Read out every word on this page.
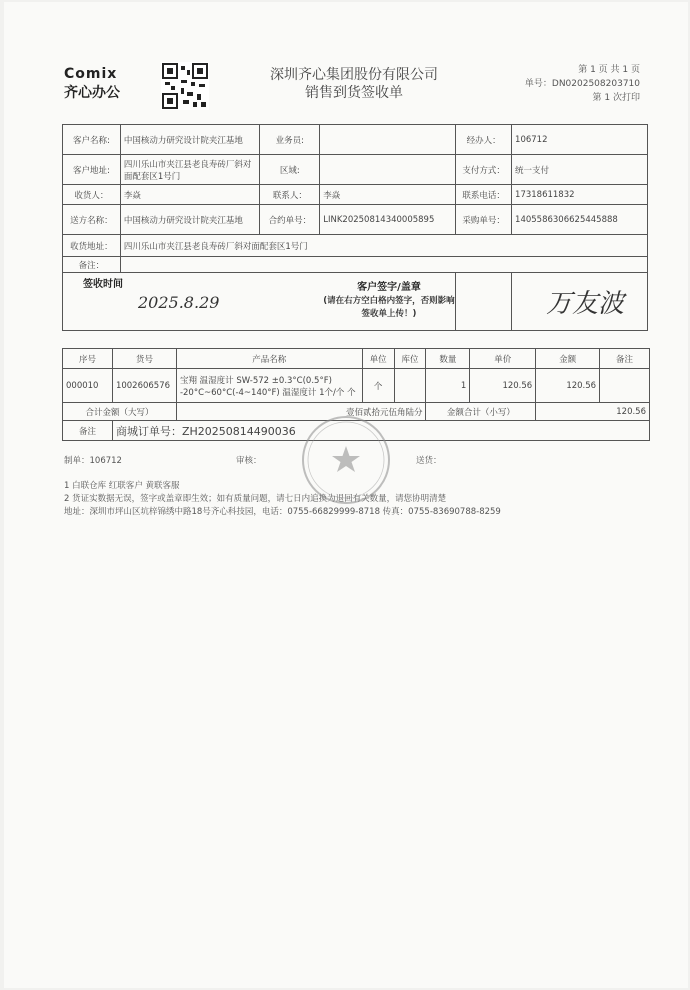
Comix
齐心办公
深圳齐心集团股份有限公司
销售到货签收单
第 1 页 共 1 页
单号：DN0202508203710
第 1 次打印
客户名称:	中国核动力研究设计院夹江基地	业务员:		经办人：	106712
客户地址:	四川乐山市夹江县老良寿砖厂斜对面配套区1号门	区域:		支付方式：	统一支付
收货人：	李焱	联系人：	李焱	联系电话：	17318611832
送方名称：	中国核动力研究设计院夹江基地	合约单号：	LINK20250814340005895	采购单号：	1405586306625445888
收货地址：	四川乐山市夹江县老良寿砖厂斜对面配套区1号门				
备注：					

签收时间
2025.8.29					万友波
客户签字/盖章
(请在右方空白格内签字，否则影响签收单上传！)
序号	货号	产品名称	单位	库位	数量	单价	金额	备注
000010	1002606576	宝翔 温湿度计 SW-572 ±0.3°C(0.5°F) -20°C~60°C(-4~140°F) 温湿度计 1个/个 个	个		1	120.56	120.56	
合计金额（大写）		壹佰贰拾元伍角陆分			金额合计（小写）		120.56	
备注	商城订单号：ZH20250814490036							
制单：106712	审核：	送货：
1 白联仓库 红联客户 黄联客服
2 货证实数据无误，签字或盖章即生效；如有质量问题，请七日内追换为退回有关数量，请您协明清楚
地址：深圳市坪山区坑梓锦绣中路18号齐心科技园，电话：0755-66829999-8718 传真：0755-83690788-8259
